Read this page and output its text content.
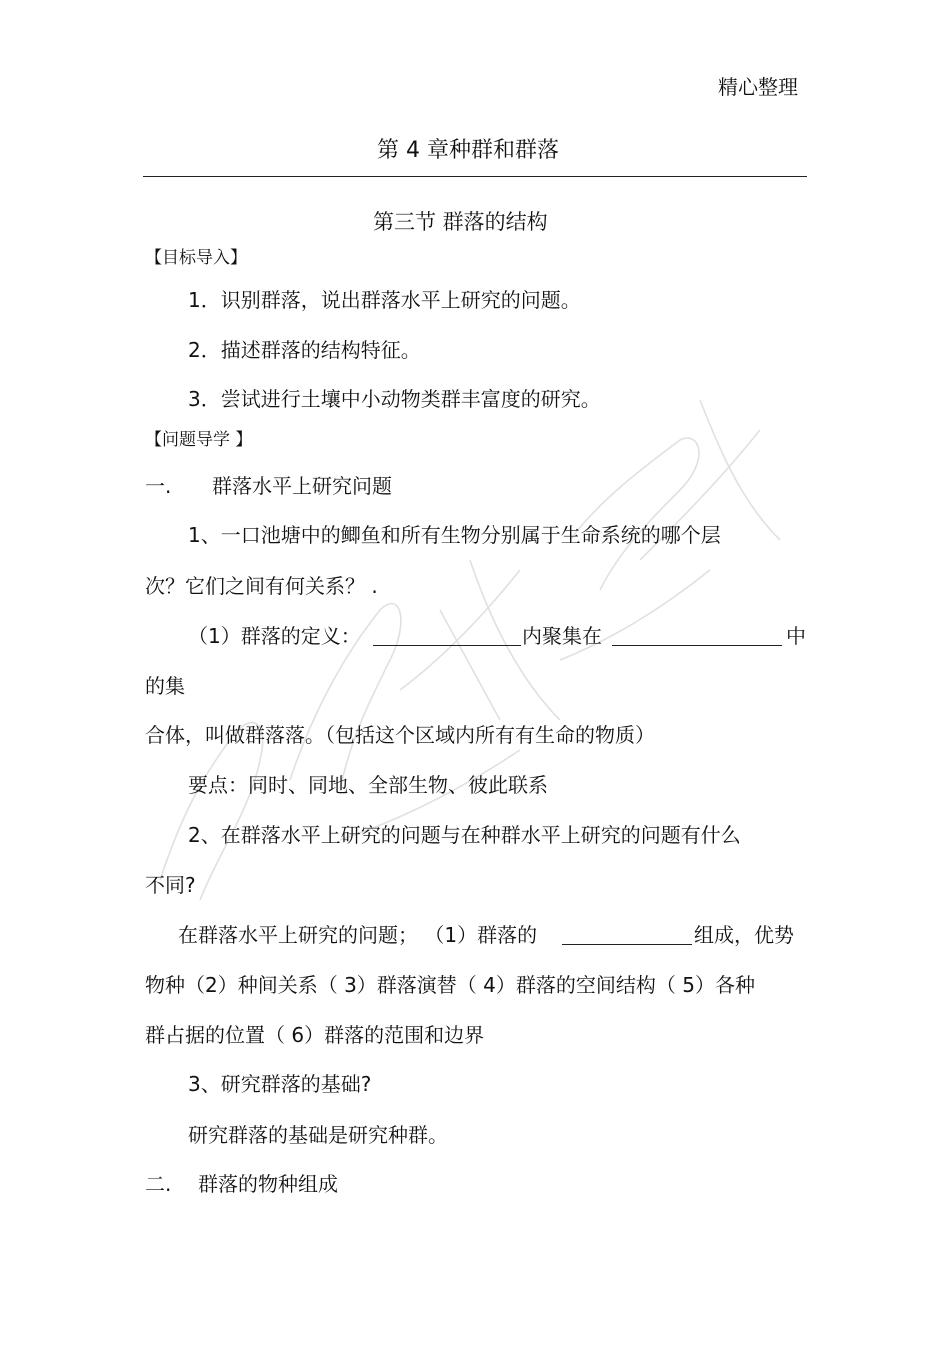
精心整理
第 4 章种群和群落
第三节 群落的结构
【目标导入】
1．识别群落，说出群落水平上研究的问题。
2．描述群落的结构特征。
3．尝试进行土壤中小动物类群丰富度的研究。
【问题导学 】
一. 群落水平上研究问题
1、一口池塘中的鲫鱼和所有生物分别属于生命系统的哪个层
次？它们之间有何关系？ .
（1）群落的定义：	内聚集在	中
的集
合体，叫做群落落。（包括这个区域内所有有生命的物质）
要点：同时、同地、全部生物、彼此联系
2、在群落水平上研究的问题与在种群水平上研究的问题有什么
不同?
在群落水平上研究的问题； （1）群落的	组成，优势
物种（2）种间关系（ 3）群落演替（ 4）群落的空间结构（ 5）各种
群占据的位置（ 6）群落的范围和边界
3、研究群落的基础?
研究群落的基础是研究种群。
二. 群落的物种组成
